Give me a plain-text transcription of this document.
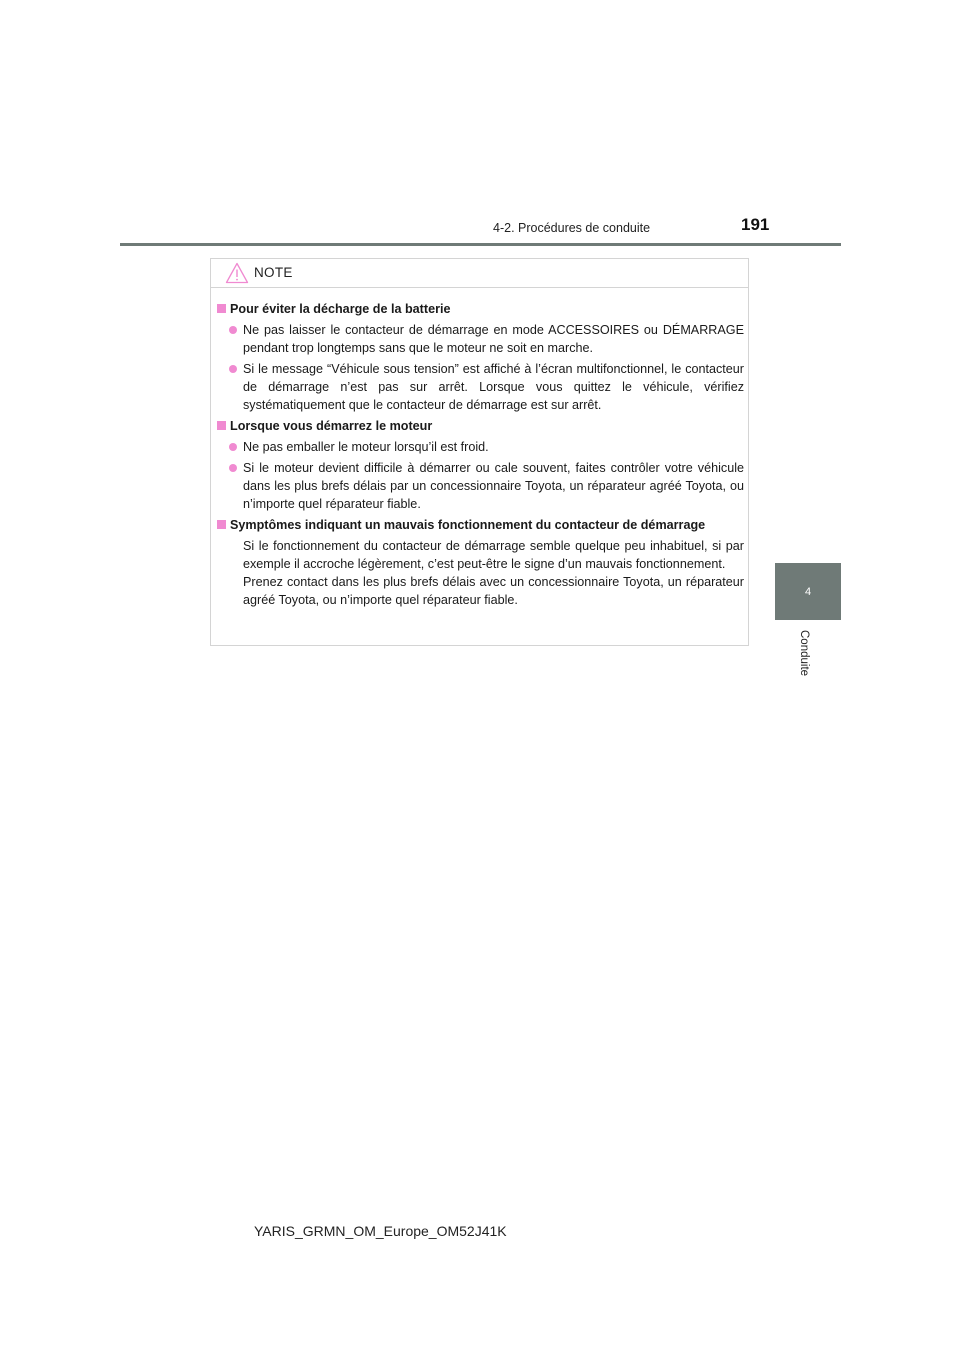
4-2. Procédures de conduite	191
4
Conduite
NOTE
Pour éviter la décharge de la batterie
Ne pas laisser le contacteur de démarrage en mode ACCESSOIRES ou DÉMARRAGE pendant trop longtemps sans que le moteur ne soit en marche.
Si le message “Véhicule sous tension” est affiché à l’écran multifonctionnel, le contacteur de démarrage n’est pas sur arrêt. Lorsque vous quittez le véhicule, vérifiez systématiquement que le contacteur de démarrage est sur arrêt.
Lorsque vous démarrez le moteur
Ne pas emballer le moteur lorsqu’il est froid.
Si le moteur devient difficile à démarrer ou cale souvent, faites contrôler votre véhicule dans les plus brefs délais par un concessionnaire Toyota, un réparateur agréé Toyota, ou n’importe quel réparateur fiable.
Symptômes indiquant un mauvais fonctionnement du contacteur de démarrage
Si le fonctionnement du contacteur de démarrage semble quelque peu inhabituel, si par exemple il accroche légèrement, c’est peut-être le signe d’un mauvais fonctionnement.
Prenez contact dans les plus brefs délais avec un concessionnaire Toyota, un réparateur agréé Toyota, ou n’importe quel réparateur fiable.
YARIS_GRMN_OM_Europe_OM52J41K
